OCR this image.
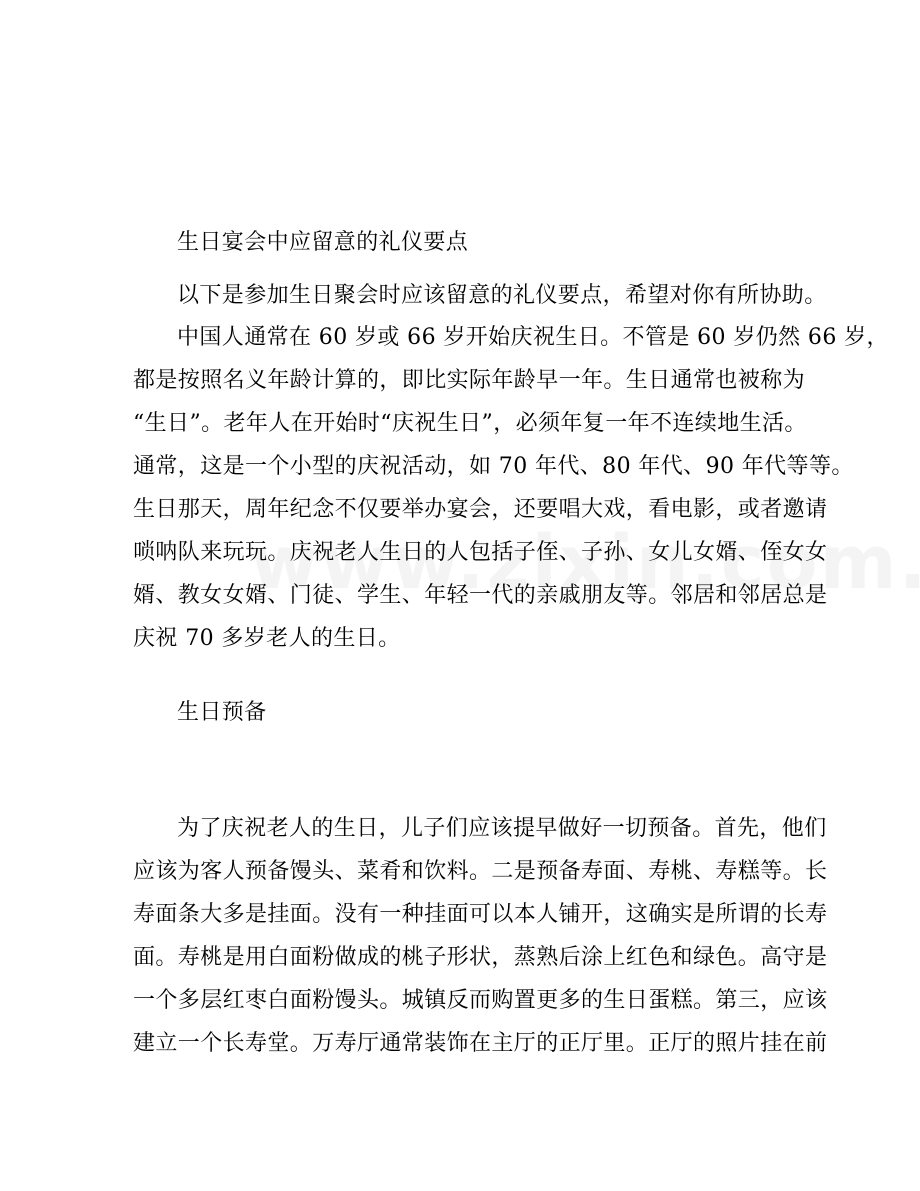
生日宴会中应留意的礼仪要点
以下是参加生日聚会时应该留意的礼仪要点，希望对你有所协助。
中国人通常在 60 岁或 66 岁开始庆祝生日。不管是 60 岁仍然 66 岁，
都是按照名义年龄计算的，即比实际年龄早一年。生日通常也被称为
“生日”。老年人在开始时“庆祝生日”，必须年复一年不连续地生活。
通常，这是一个小型的庆祝活动，如 70 年代、80 年代、90 年代等等。
生日那天，周年纪念不仅要举办宴会，还要唱大戏，看电影，或者邀请
唢呐队来玩玩。庆祝老人生日的人包括子侄、子孙、女儿女婿、侄女女
婿、教女女婿、门徒、学生、年轻一代的亲戚朋友等。邻居和邻居总是
庆祝 70 多岁老人的生日。
生日预备
为了庆祝老人的生日，儿子们应该提早做好一切预备。首先，他们
应该为客人预备馒头、菜肴和饮料。二是预备寿面、寿桃、寿糕等。长
寿面条大多是挂面。没有一种挂面可以本人铺开，这确实是所谓的长寿
面。寿桃是用白面粉做成的桃子形状，蒸熟后涂上红色和绿色。高守是
一个多层红枣白面粉馒头。城镇反而购置更多的生日蛋糕。第三，应该
建立一个长寿堂。万寿厅通常装饰在主厅的正厅里。正厅的照片挂在前
